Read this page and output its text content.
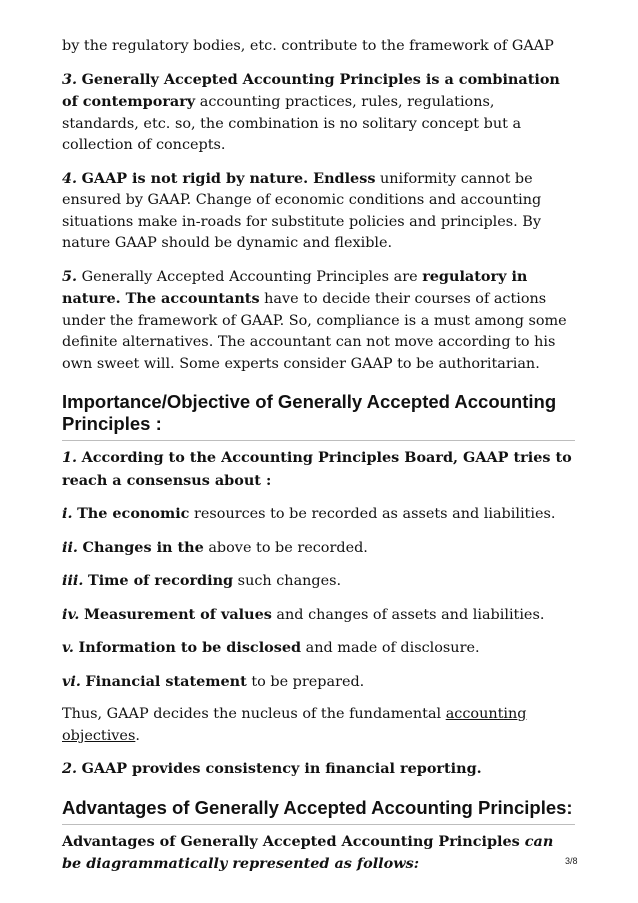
by the regulatory bodies, etc. contribute to the framework of GAAP

3. Generally Accepted Accounting Principles is a combination of contemporary accounting practices, rules, regulations, standards, etc. so, the combination is no solitary concept but a collection of concepts.

4. GAAP is not rigid by nature. Endless uniformity cannot be ensured by GAAP. Change of economic conditions and accounting situations make in-roads for substitute policies and principles. By nature GAAP should be dynamic and flexible.

5. Generally Accepted Accounting Principles are regulatory in nature. The accountants have to decide their courses of actions under the framework of GAAP. So, compliance is a must among some definite alternatives. The accountant can not move according to his own sweet will. Some experts consider GAAP to be authoritarian.

Importance/Objective of Generally Accepted Accounting Principles :

1. According to the Accounting Principles Board, GAAP tries to reach a consensus about :

i. The economic resources to be recorded as assets and liabilities.

ii. Changes in the above to be recorded.

iii. Time of recording such changes.

iv. Measurement of values and changes of assets and liabilities.

v. Information to be disclosed and made of disclosure.

vi. Financial statement to be prepared.

Thus, GAAP decides the nucleus of the fundamental accounting objectives.

2. GAAP provides consistency in financial reporting.

Advantages of Generally Accepted Accounting Principles:

Advantages of Generally Accepted Accounting Principles can be diagrammatically represented as follows:	3/8
